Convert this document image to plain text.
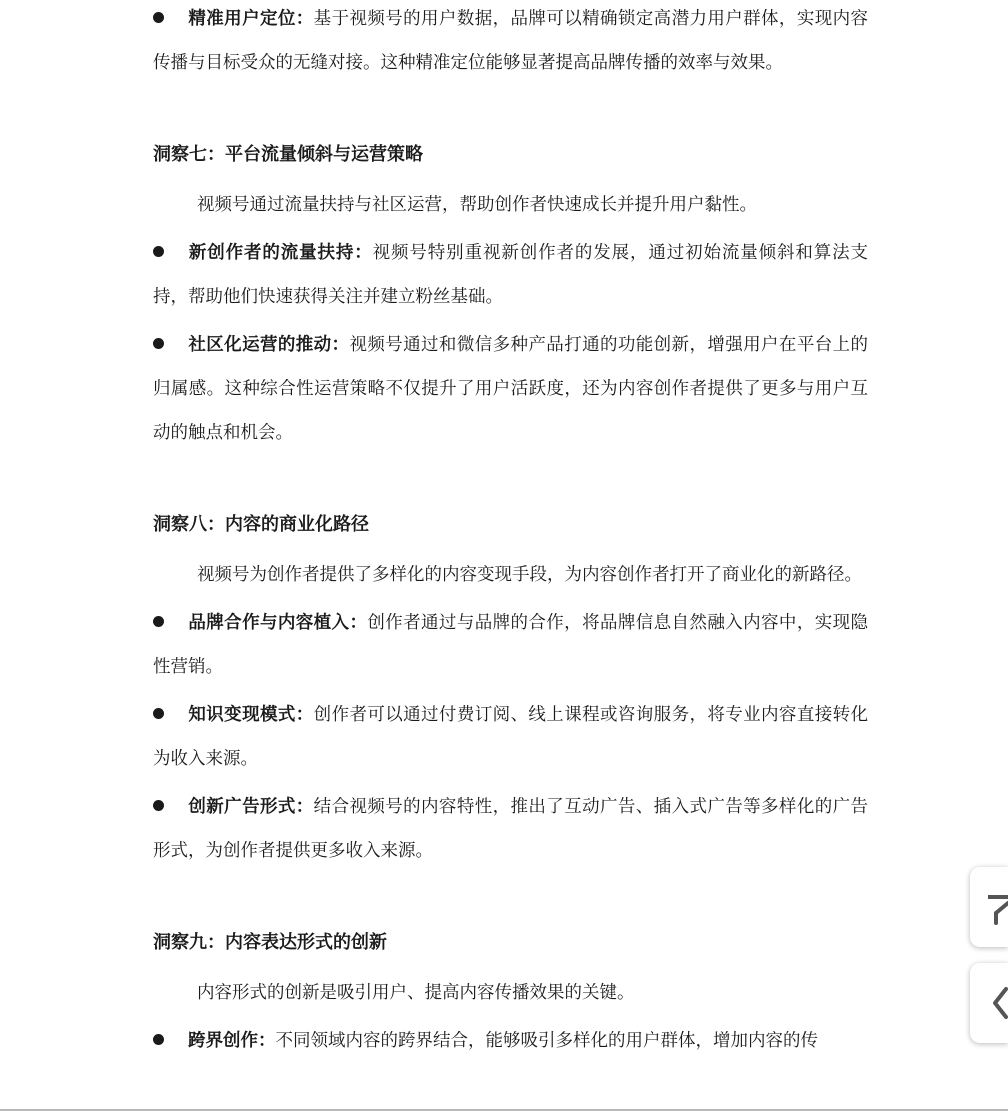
精准用户定位：基于视频号的用户数据，品牌可以精确锁定高潜力用户群体，实现内容传播与目标受众的无缝对接。这种精准定位能够显著提高品牌传播的效率与效果。
洞察七：平台流量倾斜与运营策略
视频号通过流量扶持与社区运营，帮助创作者快速成长并提升用户黏性。
新创作者的流量扶持：视频号特别重视新创作者的发展，通过初始流量倾斜和算法支持，帮助他们快速获得关注并建立粉丝基础。
社区化运营的推动：视频号通过和微信多种产品打通的功能创新，增强用户在平台上的归属感。这种综合性运营策略不仅提升了用户活跃度，还为内容创作者提供了更多与用户互动的触点和机会。
洞察八：内容的商业化路径
视频号为创作者提供了多样化的内容变现手段，为内容创作者打开了商业化的新路径。
品牌合作与内容植入：创作者通过与品牌的合作，将品牌信息自然融入内容中，实现隐性营销。
知识变现模式：创作者可以通过付费订阅、线上课程或咨询服务，将专业内容直接转化为收入来源。
创新广告形式：结合视频号的内容特性，推出了互动广告、插入式广告等多样化的广告形式，为创作者提供更多收入来源。
洞察九：内容表达形式的创新
内容形式的创新是吸引用户、提高内容传播效果的关键。
跨界创作：不同领域内容的跨界结合，能够吸引多样化的用户群体，增加内容的传
